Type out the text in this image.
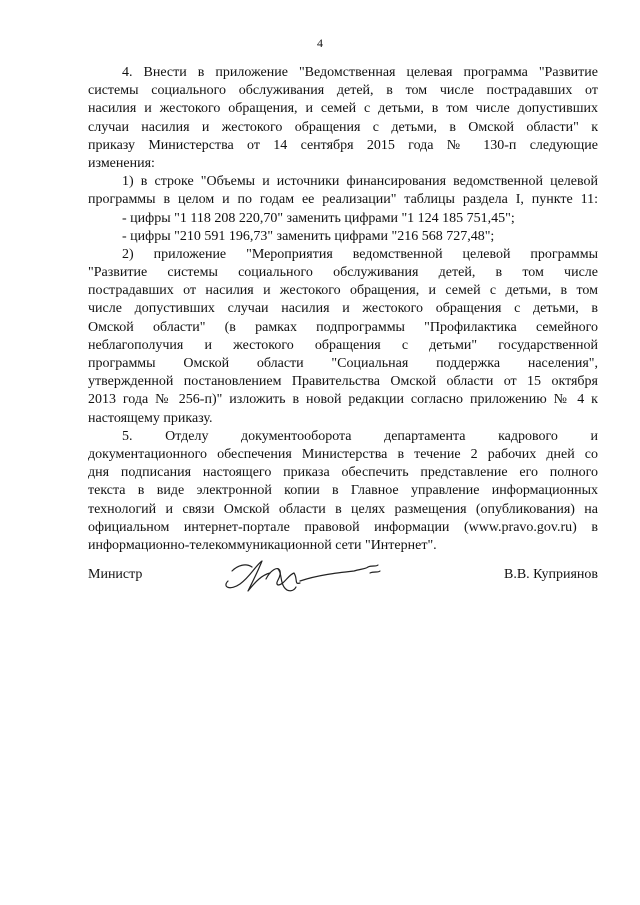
4
4. Внести в приложение "Ведомственная целевая программа "Развитие
системы социального обслуживания детей, в том числе пострадавших от
насилия и жестокого обращения, и семей с детьми, в том числе допустивших
случаи насилия и жестокого обращения с детьми, в Омской области" к
приказу Министерства от 14 сентября 2015 года № 130-п следующие
изменения:
1) в строке "Объемы и источники финансирования ведомственной целевой
программы в целом и по годам ее реализации" таблицы раздела I, пункте 11:
- цифры "1 118 208 220,70" заменить цифрами "1 124 185 751,45";
- цифры "210 591 196,73" заменить цифрами "216 568 727,48";
2) приложение "Мероприятия ведомственной целевой программы
"Развитие системы социального обслуживания детей, в том числе
пострадавших от насилия и жестокого обращения, и семей с детьми, в том
числе допустивших случаи насилия и жестокого обращения с детьми, в
Омской области" (в рамках подпрограммы "Профилактика семейного
неблагополучия и жестокого обращения с детьми" государственной
программы Омской области "Социальная поддержка населения",
утвержденной постановлением Правительства Омской области от 15 октября
2013 года № 256-п)" изложить в новой редакции согласно приложению № 4 к
настоящему приказу.
5. Отделу документооборота департамента кадрового и
документационного обеспечения Министерства в течение 2 рабочих дней со
дня подписания настоящего приказа обеспечить представление его полного
текста в виде электронной копии в Главное управление информационных
технологий и связи Омской области в целях размещения (опубликования) на
официальном интернет-портале правовой информации (www.pravo.gov.ru) в
информационно-телекоммуникационной сети "Интернет".
Министр	В.В. Куприянов
